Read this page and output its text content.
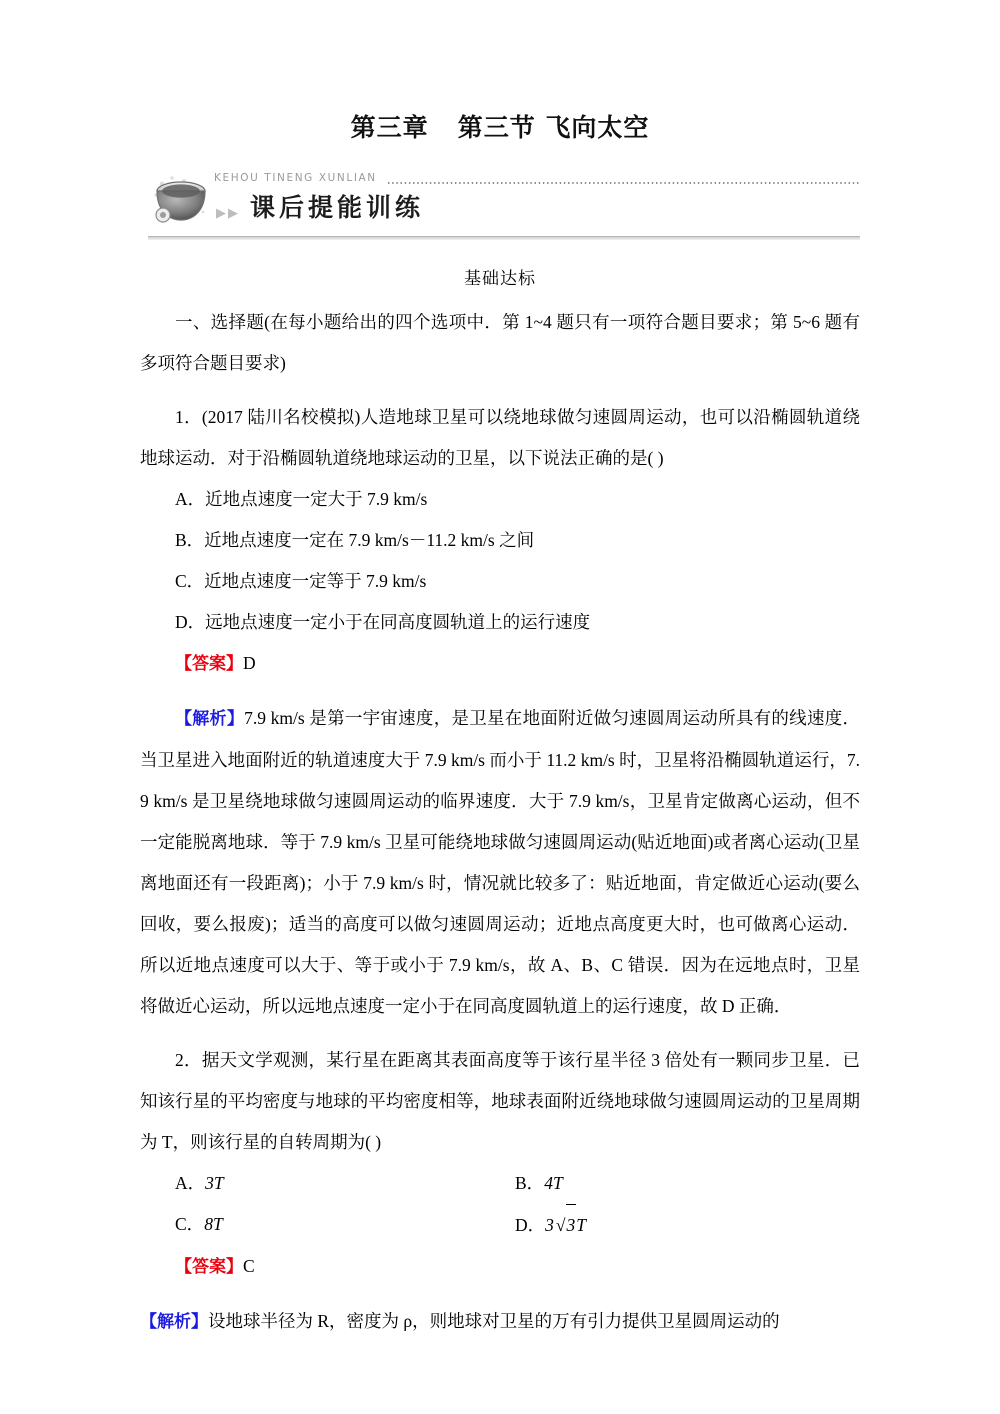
第三章   第三节 飞向太空
KEHOU TINENG XUNLIAN
▶▶ 课后提能训练
基础达标

一、选择题(在每小题给出的四个选项中．第 1~4 题只有一项符合题目要求；第 5~6 题有多项符合题目要求)

1．(2017 陆川名校模拟)人造地球卫星可以绕地球做匀速圆周运动，也可以沿椭圆轨道绕地球运动．对于沿椭圆轨道绕地球运动的卫星，以下说法正确的是( )

A．近地点速度一定大于 7.9 km/s

B．近地点速度一定在 7.9 km/s－11.2 km/s 之间

C．近地点速度一定等于 7.9 km/s

D．远地点速度一定小于在同高度圆轨道上的运行速度

【答案】D

【解析】7.9 km/s 是第一宇宙速度，是卫星在地面附近做匀速圆周运动所具有的线速度．当卫星进入地面附近的轨道速度大于 7.9 km/s 而小于 11.2 km/s 时，卫星将沿椭圆轨道运行，7.9 km/s 是卫星绕地球做匀速圆周运动的临界速度．大于 7.9 km/s，卫星肯定做离心运动，但不一定能脱离地球．等于 7.9 km/s 卫星可能绕地球做匀速圆周运动(贴近地面)或者离心运动(卫星离地面还有一段距离)；小于 7.9 km/s 时，情况就比较多了：贴近地面，肯定做近心运动(要么回收，要么报废)；适当的高度可以做匀速圆周运动；近地点高度更大时，也可做离心运动．所以近地点速度可以大于、等于或小于 7.9 km/s，故 A、B、C 错误．因为在远地点时，卫星将做近心运动，所以远地点速度一定小于在同高度圆轨道上的运行速度，故 D 正确．

2．据天文学观测，某行星在距离其表面高度等于该行星半径 3 倍处有一颗同步卫星．已知该行星的平均密度与地球的平均密度相等，地球表面附近绕地球做匀速圆周运动的卫星周期为 T，则该行星的自转周期为( )

A．3T	B．4T
C．8T	D．3 √3T

【答案】C

【解析】设地球半径为 R，密度为 ρ，则地球对卫星的万有引力提供卫星圆周运动的
